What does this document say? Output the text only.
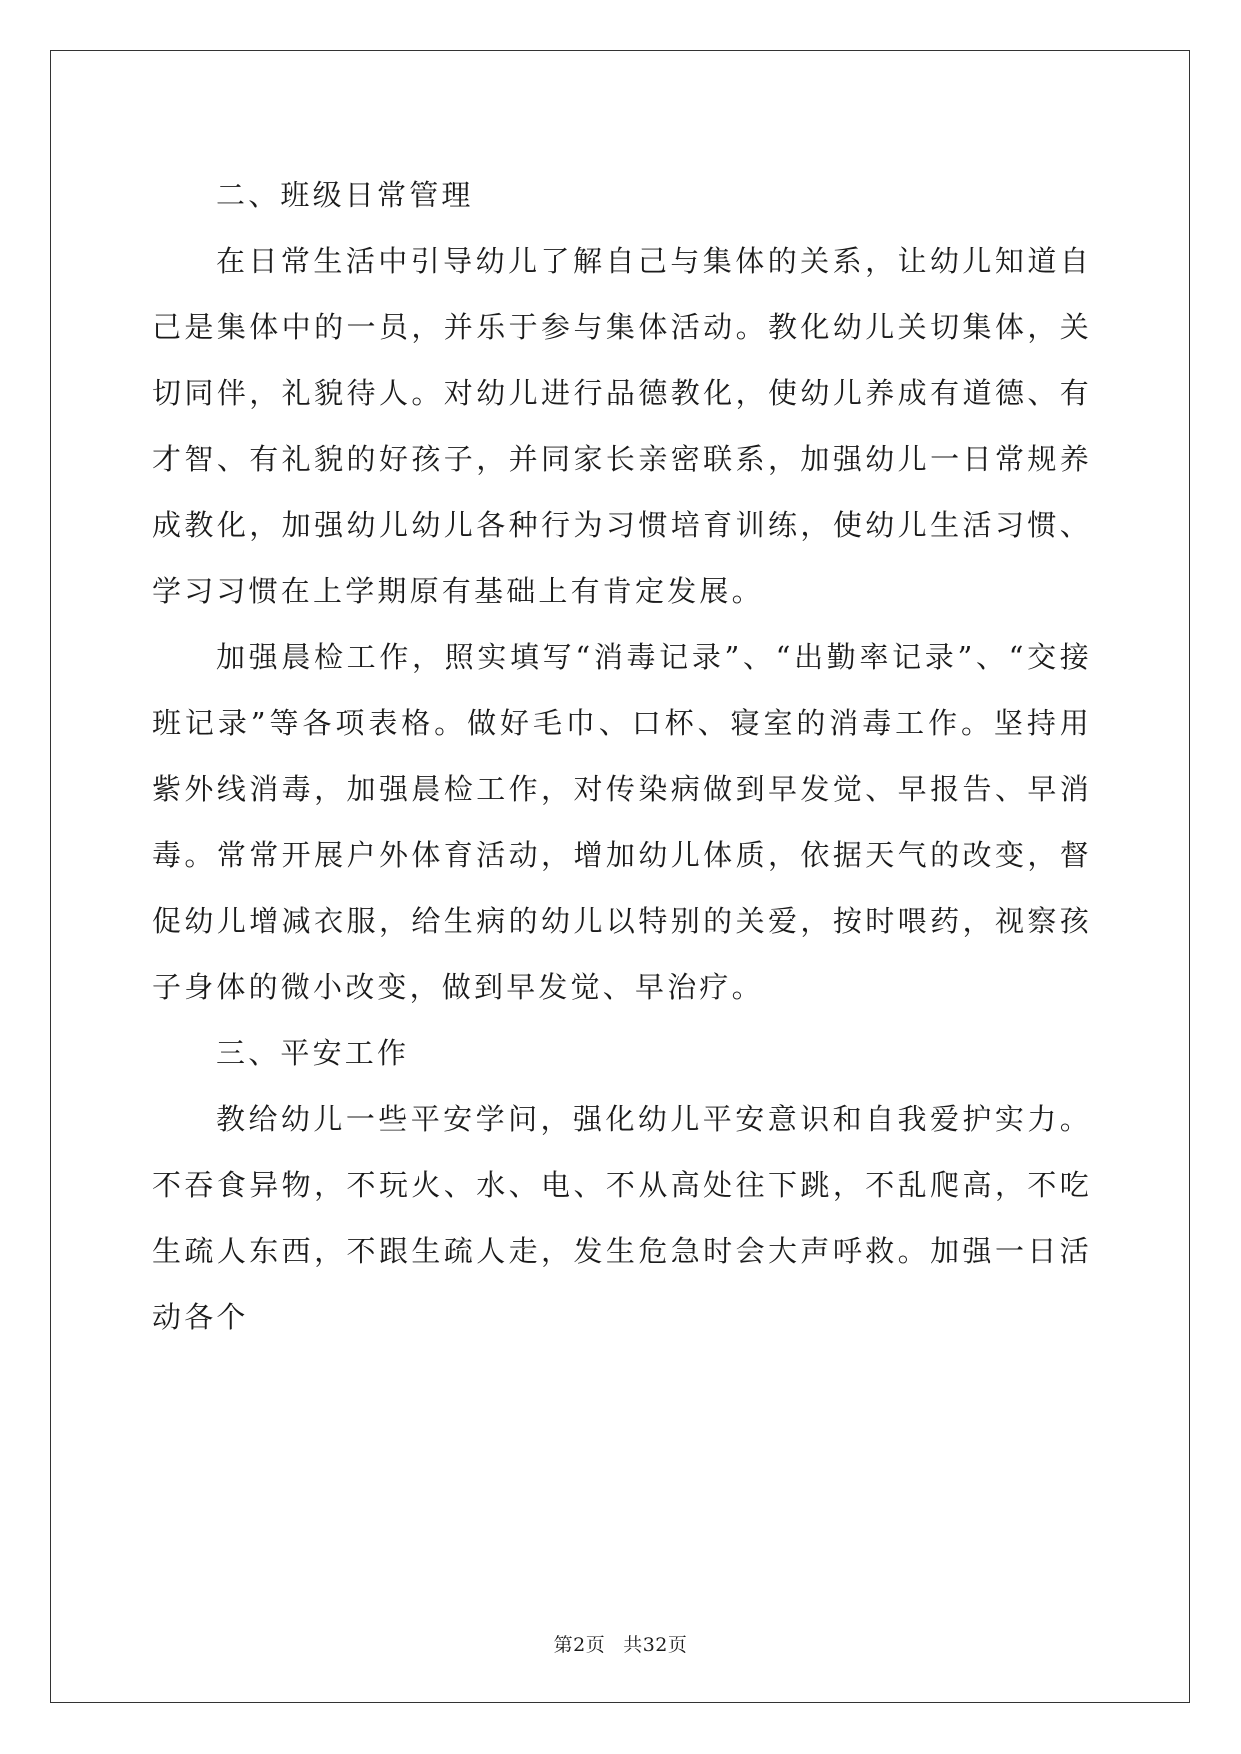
二、班级日常管理

在日常生活中引导幼儿了解自己与集体的关系，让幼儿知道自己是集体中的一员，并乐于参与集体活动。教化幼儿关切集体，关切同伴，礼貌待人。对幼儿进行品德教化，使幼儿养成有道德、有才智、有礼貌的好孩子，并同家长亲密联系，加强幼儿一日常规养成教化，加强幼儿幼儿各种行为习惯培育训练，使幼儿生活习惯、学习习惯在上学期原有基础上有肯定发展。

加强晨检工作，照实填写“消毒记录”、“出勤率记录”、“交接班记录”等各项表格。做好毛巾、口杯、寝室的消毒工作。坚持用紫外线消毒，加强晨检工作，对传染病做到早发觉、早报告、早消毒。常常开展户外体育活动，增加幼儿体质，依据天气的改变，督促幼儿增减衣服，给生病的幼儿以特别的关爱，按时喂药，视察孩子身体的微小改变，做到早发觉、早治疗。

三、平安工作

教给幼儿一些平安学问，强化幼儿平安意识和自我爱护实力。不吞食异物，不玩火、水、电、不从高处往下跳，不乱爬高，不吃生疏人东西，不跟生疏人走，发生危急时会大声呼救。加强一日活动各个

第2页 共32页
